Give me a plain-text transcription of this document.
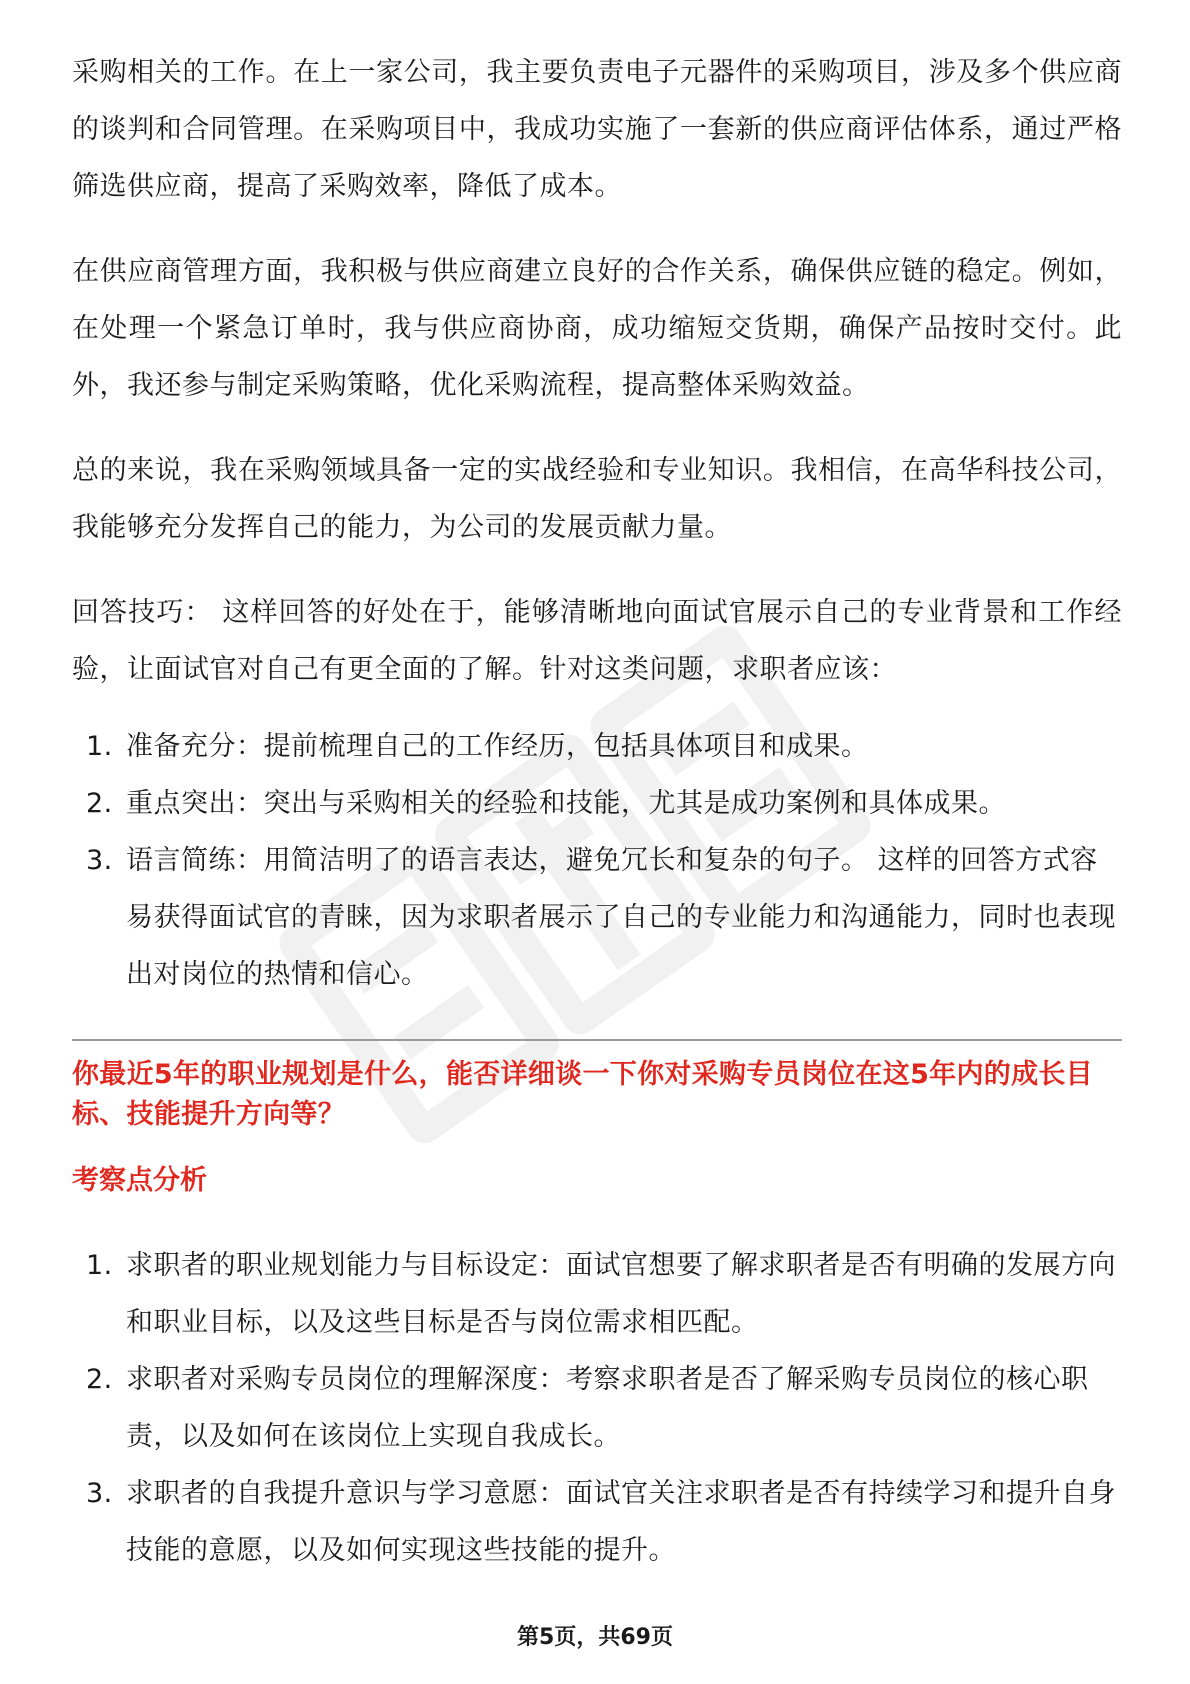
采购相关的工作。在上一家公司，我主要负责电子元器件的采购项目，涉及多个供应商的谈判和合同管理。在采购项目中，我成功实施了一套新的供应商评估体系，通过严格筛选供应商，提高了采购效率，降低了成本。

在供应商管理方面，我积极与供应商建立良好的合作关系，确保供应链的稳定。例如，在处理一个紧急订单时，我与供应商协商，成功缩短交货期，确保产品按时交付。此外，我还参与制定采购策略，优化采购流程，提高整体采购效益。

总的来说，我在采购领域具备一定的实战经验和专业知识。我相信，在高华科技公司，我能够充分发挥自己的能力，为公司的发展贡献力量。

回答技巧： 这样回答的好处在于，能够清晰地向面试官展示自己的专业背景和工作经验，让面试官对自己有更全面的了解。针对这类问题，求职者应该：

1. 准备充分：提前梳理自己的工作经历，包括具体项目和成果。
2. 重点突出：突出与采购相关的经验和技能，尤其是成功案例和具体成果。
3. 语言简练：用简洁明了的语言表达，避免冗长和复杂的句子。 这样的回答方式容易获得面试官的青睐，因为求职者展示了自己的专业能力和沟通能力，同时也表现出对岗位的热情和信心。
你最近5年的职业规划是什么，能否详细谈一下你对采购专员岗位在这5年内的成长目标、技能提升方向等？
考察点分析
1. 求职者的职业规划能力与目标设定：面试官想要了解求职者是否有明确的发展方向和职业目标，以及这些目标是否与岗位需求相匹配。
2. 求职者对采购专员岗位的理解深度：考察求职者是否了解采购专员岗位的核心职责，以及如何在该岗位上实现自我成长。
3. 求职者的自我提升意识与学习意愿：面试官关注求职者是否有持续学习和提升自身技能的意愿，以及如何实现这些技能的提升。
第5页，共69页
